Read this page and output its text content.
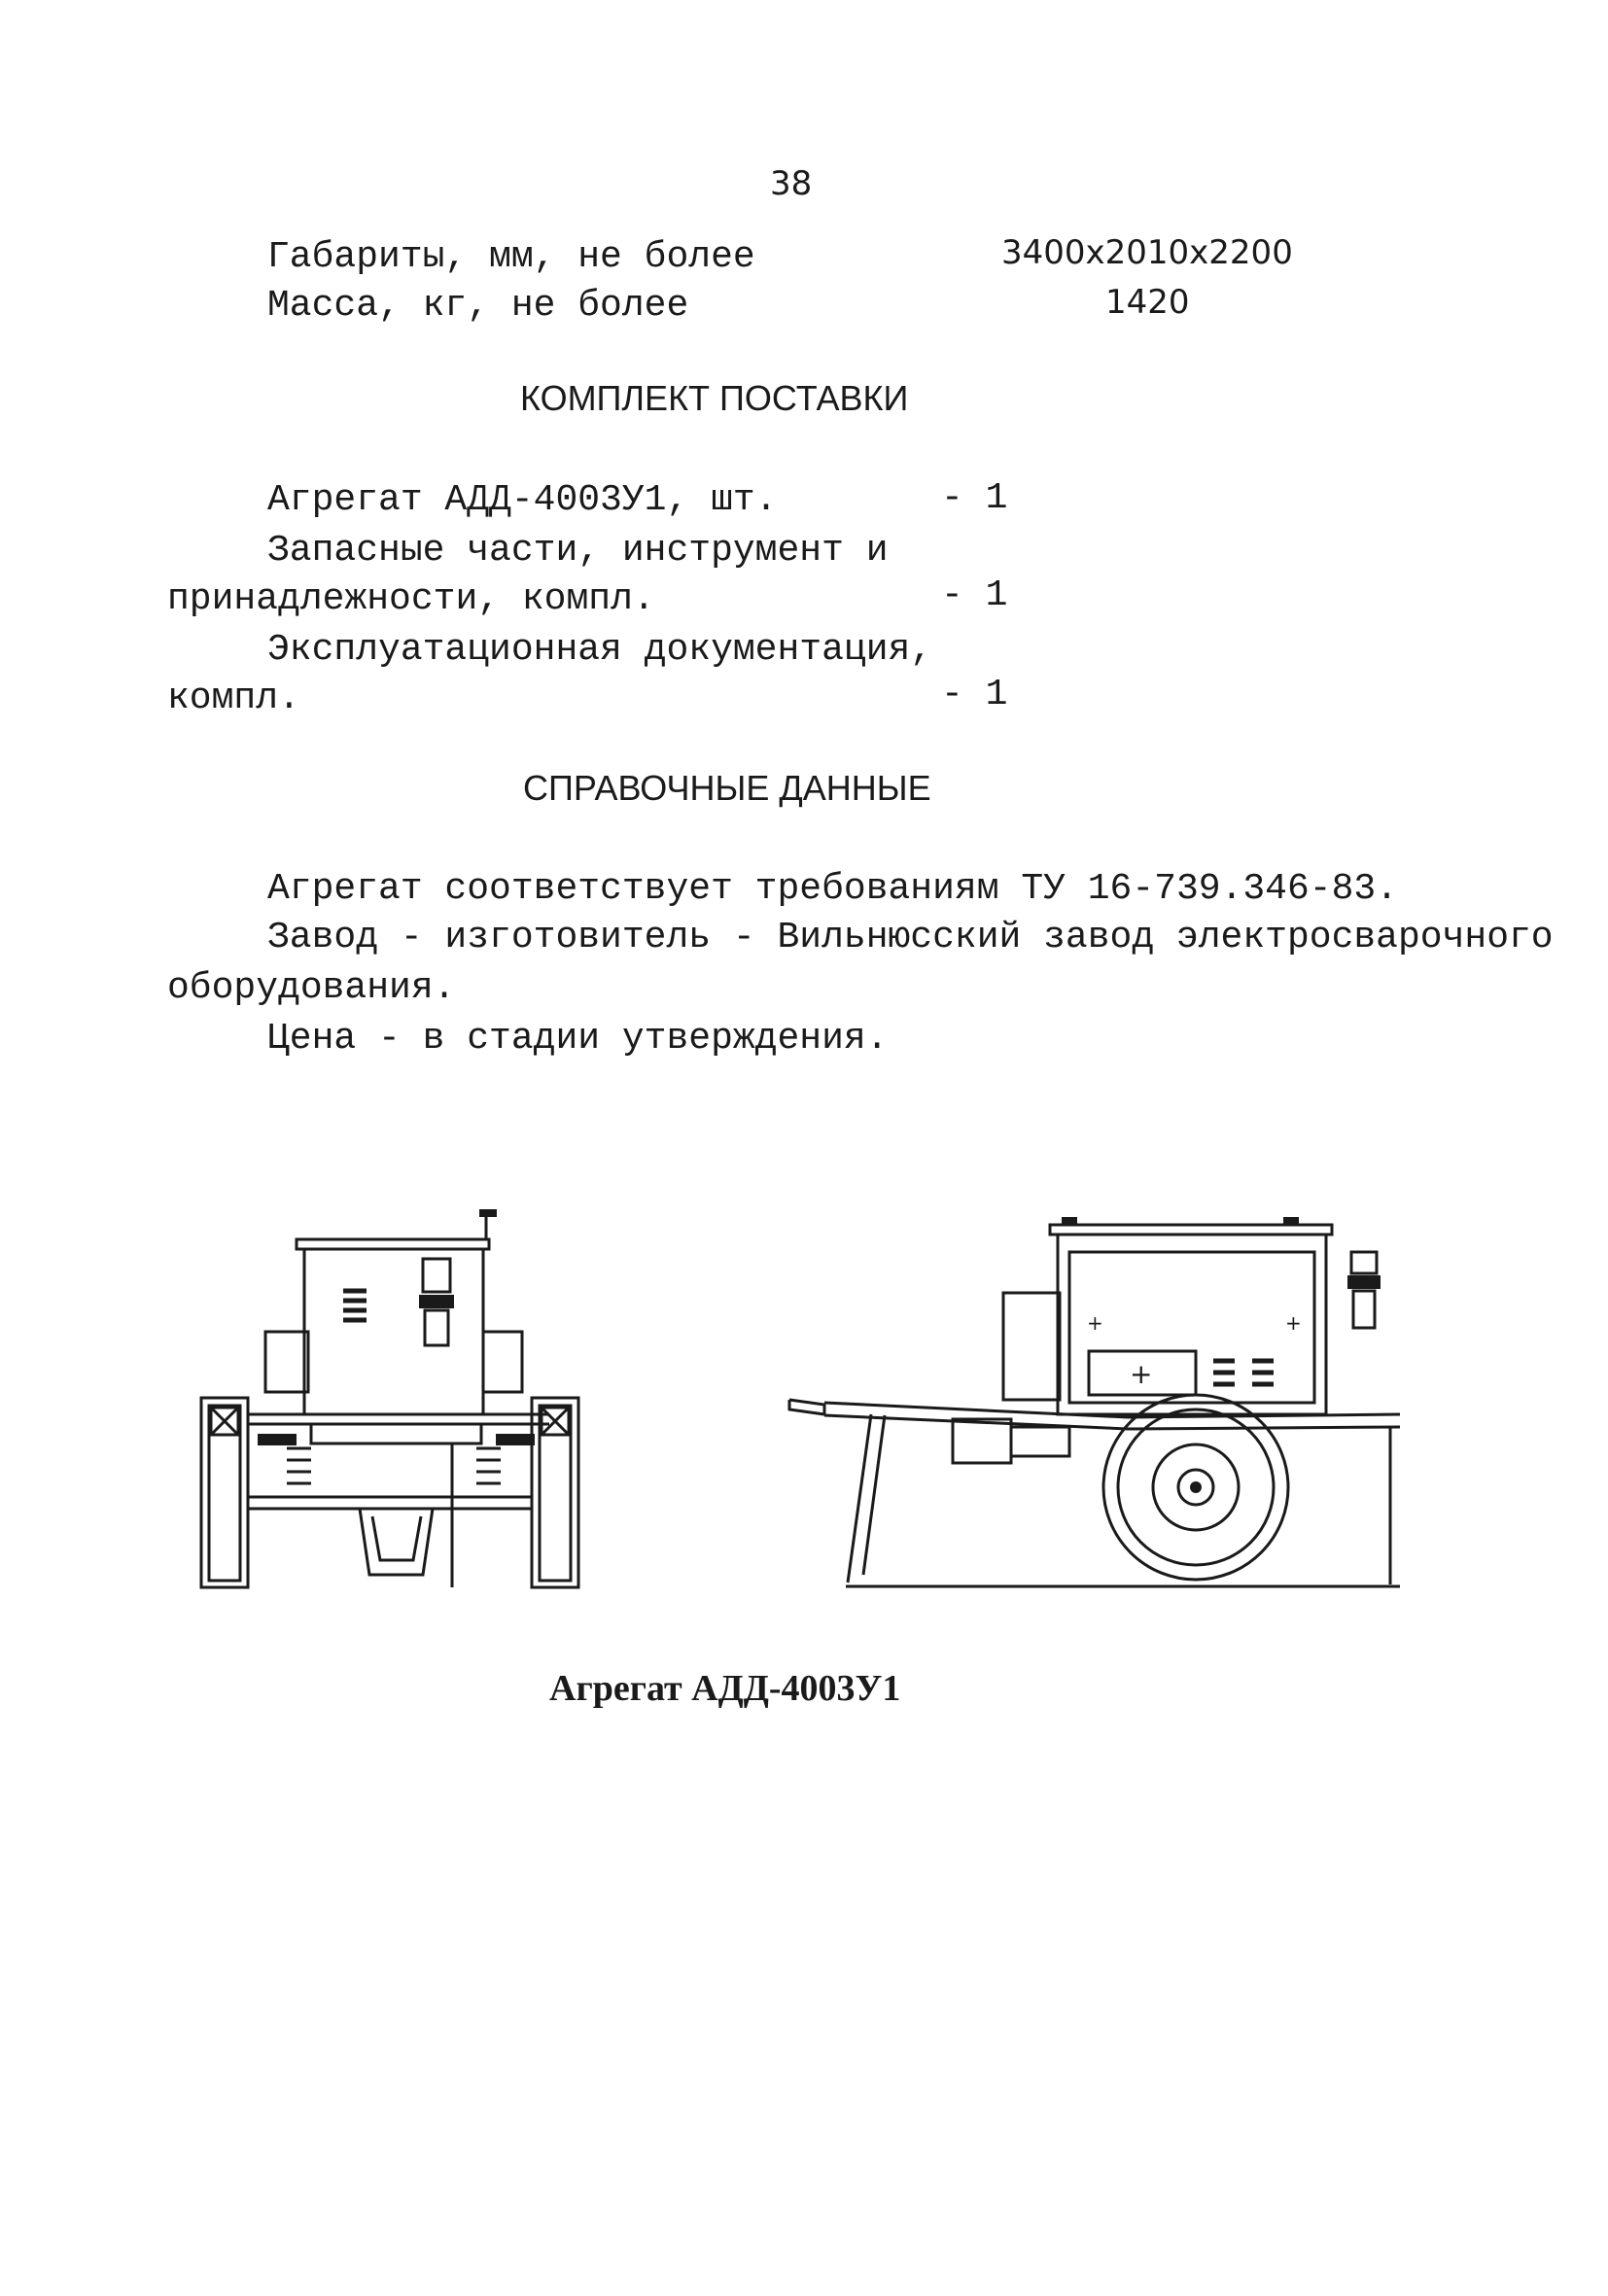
38
Габариты, мм, не более	3400х2010х2200
Масса, кг, не более	1420
КОМПЛЕКТ ПОСТАВКИ
Агрегат АДД-4003У1, шт.	- 1
Запасные части, инструмент и
принадлежности, компл.	- 1
Эксплуатационная документация,
компл.	- 1
СПРАВОЧНЫЕ ДАННЫЕ
Агрегат соответствует требованиям ТУ 16-739.346-83.
Завод - изготовитель - Вильнюсский завод электросварочного
оборудования.
Цена - в стадии утверждения.
+
+	+
Агрегат АДД-4003У1
